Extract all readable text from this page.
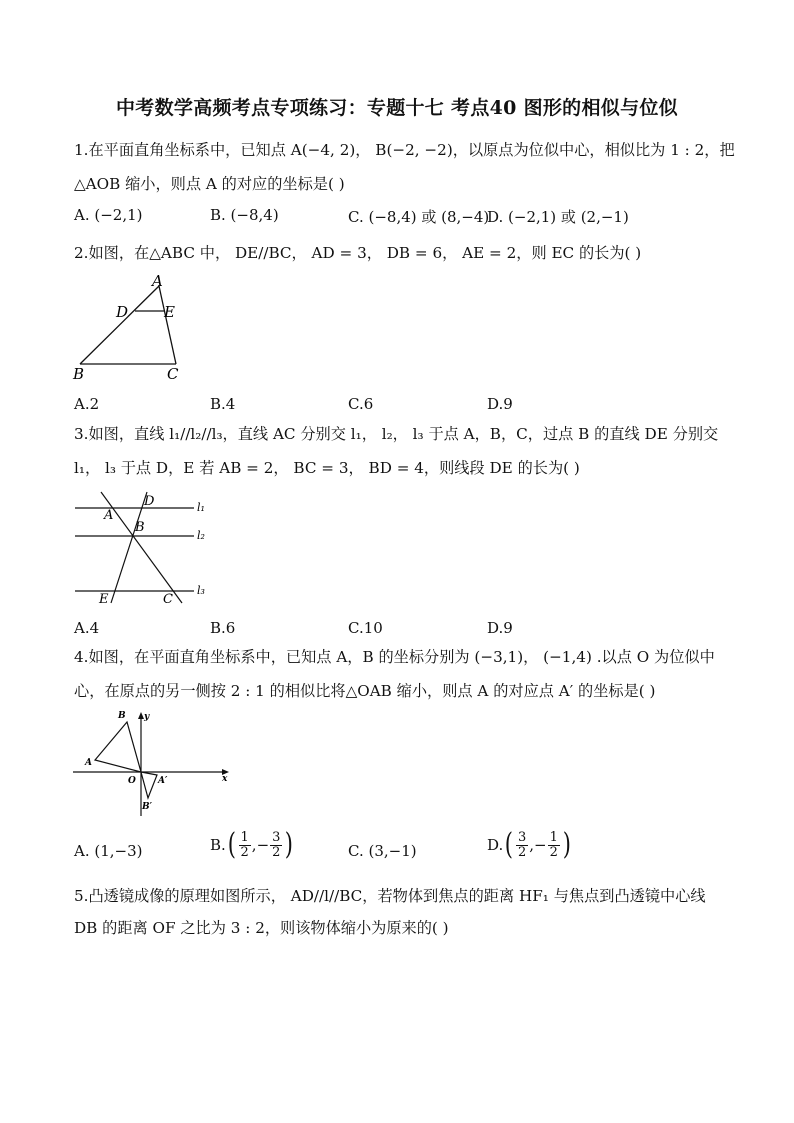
中考数学高频考点专项练习：专题十七 考点40 图形的相似与位似
1.在平面直角坐标系中，已知点 A(−4, 2)， B(−2, −2)，以原点为位似中心，相似比为 1 : 2，把
△AOB 缩小，则点 A 的对应的坐标是( )
A. (−2,1)	B. (−8,4)	C. (−8,4) 或 (8,−4)
D. (−2,1) 或 (2,−1)
2.如图，在△ABC 中， DE//BC， AD = 3， DB = 6， AE = 2，则 EC 的长为( )
A
D E
B	C
A.2	B.4	C.6	D.9
3.如图，直线 l₁//l₂//l₃，直线 AC 分别交 l₁， l₂， l₃ 于点 A，B，C，过点 B 的直线 DE 分别交
l₁， l₃ 于点 D，E 若 AB = 2， BC = 3， BD = 4，则线段 DE 的长为( )
A
D
B
E	C
l₁
l₂
l₃
A.4	B.6	C.10	D.9
4.如图，在平面直角坐标系中，已知点 A，B 的坐标分别为 (−3,1)， (−1,4) .以点 O 为位似中
心，在原点的另一侧按 2 : 1 的相似比将△OAB 缩小，则点 A 的对应点 A′ 的坐标是( )
B y
A
O A′	x
B′
A. (1,−3)	B. ( $\frac{1}{2}$ ,− $\frac{3}{2}$ )	C. (3,−1)	D. ( $\frac{3}{2}$ ,− $\frac{1}{2}$ )
5.凸透镜成像的原理如图所示， AD//l//BC，若物体到焦点的距离 HF₁ 与焦点到凸透镜中心线
DB 的距离 OF 之比为 3 : 2，则该物体缩小为原来的( )
